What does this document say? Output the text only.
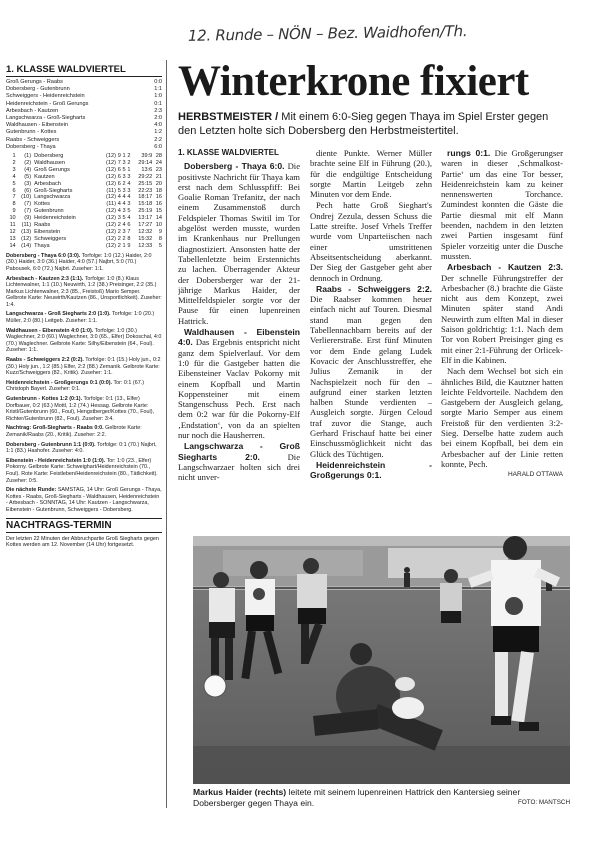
12. Runde – NÖN – Bez. Waidhofen/Th.
1. KLASSE WALDVIERTEL
Groß Gerungs - Raabs	0:0
Dobersberg - Gutenbrunn	1:1
Schweiggers - Heidenreichstein	1:0
Heidenreichstein - Groß Gerungs	0:1
Arbesbach - Kautzen	2:3
Langschwarza - Groß-Siegharts	2:0
Waldhausen - Eibenstein	4:0
Gutenbrunn - Kottes	1:2
Raabs - Schweiggers	2:2
Dobersberg - Thaya	6:0
1	(1)	Dobersberg	(12)	9	1	2	39:9	28
2	(2)	Waldhausen	(12)	7	3	2	29:14	24
3	(4)	Groß Gerungs	(12)	6	5	1	13:6	23
4	(5)	Kautzen	(12)	6	3	3	29:22	21
5	(3)	Arbesbach	(12)	6	2	4	25:15	20
6	(6)	Groß-Siegharts	(11)	5	3	3	22:23	18
7	(10)	Langschwarza	(12)	4	4	4	18:17	16
8	(7)	Kottes	(11)	4	4	3	15:18	16
9	(7)	Gutenbrunn	(12)	4	3	5	25:19	15
10	(9)	Heidenreichstein	(12)	3	5	4	13:17	14
11	(11)	Raabs	(12)	2	4	6	17:27	10
12	(13)	Eibenstein	(12)	2	3	7	12:32	9
13	(12)	Schweiggers	(12)	2	2	8	15:32	8
14	(14)	Thaya	(12)	2	1	9	12:33	5
Dobersberg - Thaya 6:0 (3:0). Torfolge: 1:0 (12.) Haider, 2:0 (30.) Haider, 3:0 (36.) Haider, 4:0 (57.) Najbrt, 5:0 (70.) Pabousek, 6:0 (72.) Najbrt. Zuseher: 1:1.
Arbesbach - Kautzen 2:3 (1:1). Torfolge: 1:0 (8.) Klaus Lichtenwalner, 1:1 (10.) Neuwirth, 1:2 (38.) Preisinger, 2:2 (35.) Markus Lichtenwalner, 2:3 (85., Freistoß) Mario Semper. Gelbrote Karte: Neuwirth/Kautzen (86., Unsportlichkeit). Zuseher: 1:4.
Langschwarza - Groß Siegharts 2:0 (1:0). Torfolge: 1:0 (20.) Müller, 2:0 (80.) Leitgeb. Zuseher: 1:1.
Waldhausen - Eibenstein 4:0 (1:0). Torfolge: 1:0 (30.) Waglechner, 2:0 (60.) Waglechner, 3:0 (65., Elfer) Dokoschal, 4:0 (70.) Waglechner. Gelbrote Karte: Silhy/Eibenstein (64., Foul). Zuseher: 1:1.
Raabs - Schweiggers 2:2 (0:2). Torfolge: 0:1 (15.) Holy jun., 0:2 (30.) Holy jun., 1:2 (85.) Elfer, 2:2 (88.) Zemanik. Gelbrote Karte: Kuzz/Schweiggers (82., Kritik). Zuseher: 1:1.
Heidenreichstein - Großgerungs 0:1 (0:0). Tor: 0:1 (67.) Christoph Bayerl. Zuseher: 0:1.
Gutenbrunn - Kottes 1:2 (0:1). Torfolge: 0:1 (13., Elfer) Dorfbauer, 0:2 (63.) Mottl, 1:2 (74.) Hessag. Gelbrote Karte: Kristl/Gutenbrunn (60., Foul), Hengstberger/Kottes (70., Foul), Richter/Gutenbrunn (82., Foul). Zuseher: 3:4.
Nachtrag: Groß-Siegharts - Raabs 0:0. Gelbrote Karte: Zemanik/Raabs (20., Kritik). Zuseher: 2:2.
Dobersberg - Gutenbrunn 1:1 (0:0). Torfolge: 0:1 (70.) Najbrt, 1:1 (83.) Hashofer. Zuseher: 4:0.
Eibenstein - Heidenreichstein 1:0 (1:0). Tor: 1:0 (23., Elfer) Pokorny. Gelbrote Karte: Schweighart/Heidenreichstein (70., Foul). Rote Karte: Feistleben/Heidenreichstein (80., Tätlichkeit). Zuseher: 0:5.
Die nächste Runde: SAMSTAG, 14 Uhr: Groß Gerungs - Thaya, Kottes - Raabs, Groß-Siegharts - Waldhausen, Heidenreichstein - Arbesbach - SONNTAG, 14 Uhr: Kautzen - Langschwarza, Eibenstein - Gutenbrunn, Schweiggers - Dobersberg.
NACHTRAGS-TERMIN
Der letzten 22 Minuten der Abbruchpartie Groß Siegharts gegen Kottes werden am 12. November (14 Uhr) fortgesetzt.
Winterkrone fixiert
HERBSTMEISTER / Mit einem 6:0-Sieg gegen Thaya im Spiel Erster gegen den Letzten holte sich Dobersberg den Herbstmeistertitel.

1. KLASSE WALDVIERTEL

Dobersberg - Thaya 6:0. Die positivste Nachricht für Thaya kam erst nach dem Schlusspfiff: Bei Goalie Roman Trefanitz, der nach einem Zusammenstoß durch Feldspieler Thomas Switil im Tor abgelöst werden musste, wurden im Krankenhaus nur Prellungen diagnostiziert. Ansonsten hatte der Tabellenletzte beim Erstennichts zu lachen. Überragender Akteur der Dobersberger war der 21-jährige Markus Haider, der Mittelfeldspieler sorgte vor der Pause für einen lupenreinen Hattrick.

Waldhausen - Eibenstein 4:0. Das Ergebnis entspricht nicht ganz dem Spielverlauf. Vor dem 1:0 für die Gastgeber hatten die Eibensteiner Vaclav Pokorny mit einem Kopfball und Martin Koppensteiner mit einem Stangenschuss Pech. Erst nach dem 0:2 war für die Pokorny-Elf ‚Endstation‘, von da an spielten nur noch die Hausherren.

Langschwarza - Groß Siegharts 2:0. Die Langschwarzaer holten sich drei nicht unver-

diente Punkte. Werner Müller brachte seine Elf in Führung (20.), für die endgültige Entscheidung sorgte Martin Leitgeb zehn Minuten vor dem Ende.

Pech hatte Groß Sieghart's Ondrej Zezula, dessen Schuss die Latte streifte. Josef Vrhels Treffer wurde vom Unparteiischen nach einer umstrittenen Abseitsentscheidung aberkannt. Der Sieg der Gastgeber geht aber dennoch in Ordnung.

Raabs - Schweiggers 2:2. Die Raabser kommen heuer einfach nicht auf Touren. Diesmal stand man gegen den Tabellennachbarn bereits auf der Verliererstraße. Erst fünf Minuten vor dem Ende gelang Ludek Kovacic der Anschlusstreffer, ehe Julius Zemanik in der Nachspielzeit noch für den – aufgrund einer starken letzten halben Stunde verdienten – Ausgleich sorgte. Jürgen Celoud traf zuvor die Stange, auch Gerhard Frischauf hatte bei einer Einschussmöglichkeit nicht das Glück des Tüchtigen.

Heidenreichstein - Großgerungs 0:1.

rungs 0:1. Die Großgerungser waren in dieser ‚Schmalkost-Partie‘ um das eine Tor besser, Heidenreichstein kam zu keiner nennenswerten Torchance. Zumindest konnten die Gäste die Partie diesmal mit elf Mann beenden, nachdem in den letzten zwei Partien insgesamt fünf Spieler vorzeitig unter die Dusche mussten.

Arbesbach - Kautzen 2:3. Der schnelle Führungstreffer der Arbesbacher (8.) brachte die Gäste nicht aus dem Konzept, zwei Minuten später stand Andi Neuwirth zum elften Mal in dieser Saison goldrichtig: 1:1. Nach dem Tor von Robert Preisinger ging es mit einer 2:1-Führung der Orlicek-Elf in die Kabinen.

Nach dem Wechsel bot sich ein ähnliches Bild, die Kautzner hatten leichte Feldvorteile. Nachdem den Gastgebern der Ausgleich gelang, sorgte Mario Semper aus einem Freistoß für den verdienten 3:2-Sieg. Derselbe hatte zudem auch bei einem Kopfball, bei dem ein Arbesbacher auf der Linie retten konnte, Pech.

HARALD OTTAWA

Markus Haider (rechts) leitete mit seinem lupenreinen Hattrick den Kantersieg seiner Dobersberger gegen Thaya ein.	FOTO: MANTSCH
